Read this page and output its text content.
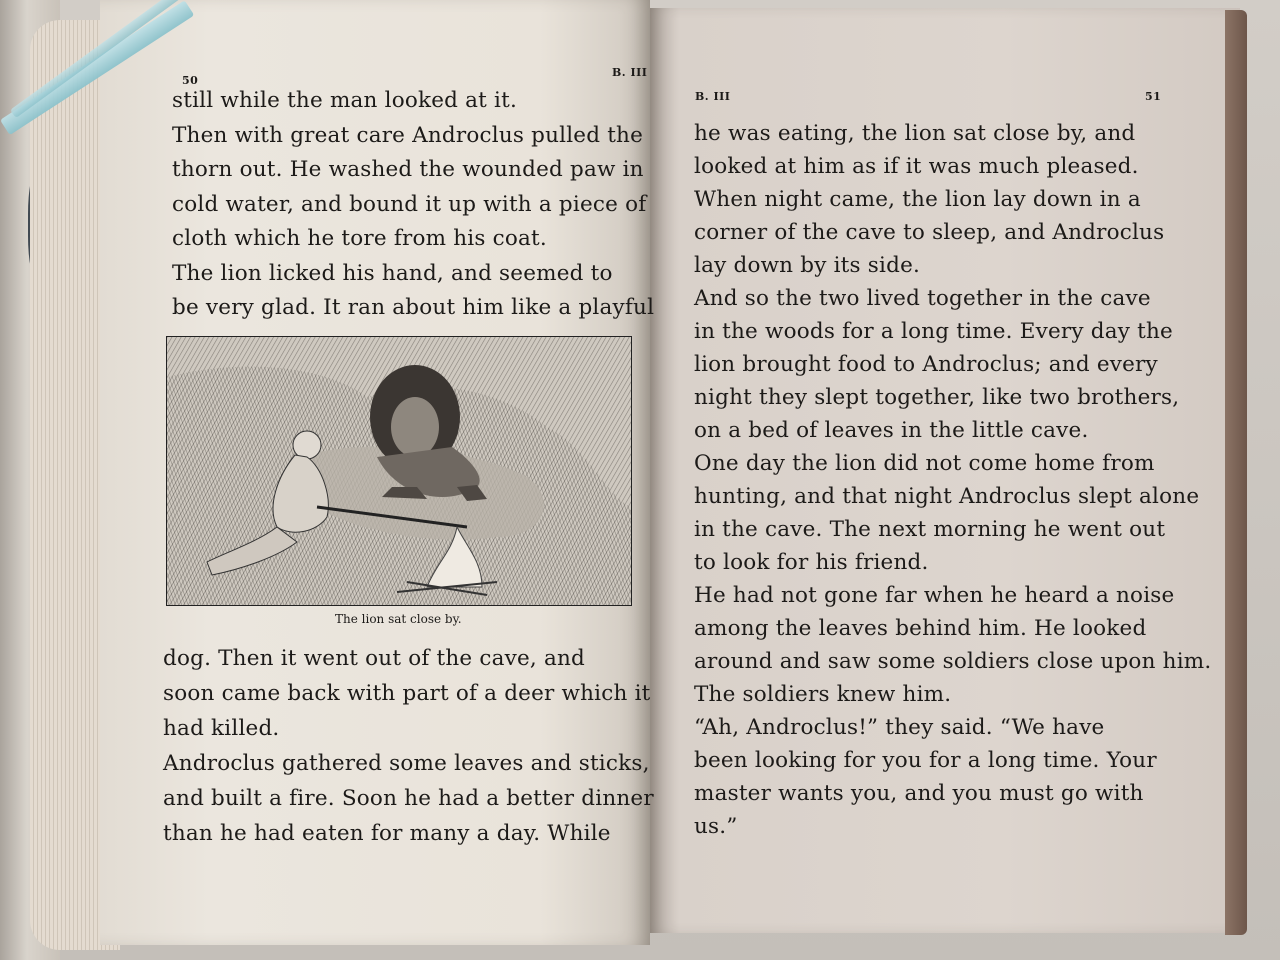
50
B. III
still while the man looked at it.
Then with great care Androclus pulled the
thorn out. He washed the wounded paw in
cold water, and bound it up with a piece of
cloth which he tore from his coat.
The lion licked his hand, and seemed to
be very glad. It ran about him like a playful
The lion sat close by.
dog. Then it went out of the cave, and
soon came back with part of a deer which it
had killed.
Androclus gathered some leaves and sticks,
and built a fire. Soon he had a better dinner
than he had eaten for many a day. While
B. III	51
he was eating, the lion sat close by, and
looked at him as if it was much pleased.
When night came, the lion lay down in a
corner of the cave to sleep, and Androclus
lay down by its side.
And so the two lived together in the cave
in the woods for a long time. Every day the
lion brought food to Androclus; and every
night they slept together, like two brothers,
on a bed of leaves in the little cave.
One day the lion did not come home from
hunting, and that night Androclus slept alone
in the cave. The next morning he went out
to look for his friend.
He had not gone far when he heard a noise
among the leaves behind him. He looked
around and saw some soldiers close upon him.
The soldiers knew him.
“Ah, Androclus!” they said. “We have
been looking for you for a long time. Your
master wants you, and you must go with
us.”
